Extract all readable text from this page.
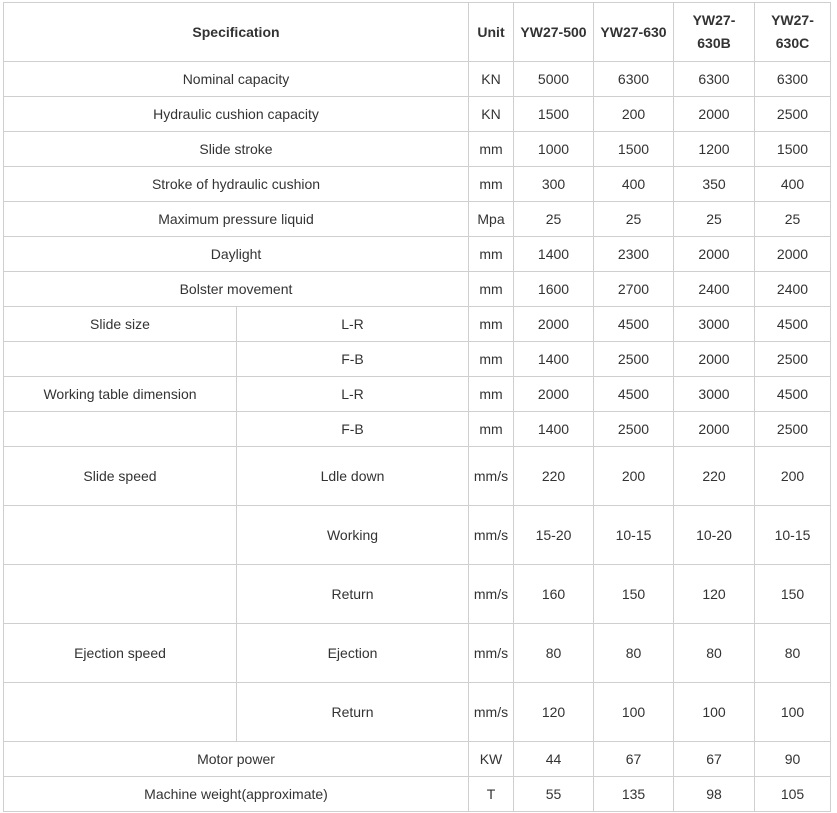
Specification		Unit	YW27-500	YW27-630	YW27-630B	YW27-630C
Nominal capacity		KN	5000	6300	6300	6300
Hydraulic cushion capacity		KN	1500	200	2000	2500
Slide stroke		mm	1000	1500	1200	1500
Stroke of hydraulic cushion		mm	300	400	350	400
Maximum pressure liquid		Mpa	25	25	25	25
Daylight		mm	1400	2300	2000	2000
Bolster movement		mm	1600	2700	2400	2400
Slide size	L-R	mm	2000	4500	3000	4500
	F-B	mm	1400	2500	2000	2500
Working table dimension	L-R	mm	2000	4500	3000	4500
	F-B	mm	1400	2500	2000	2500
Slide speed	Ldle down	mm/s	220	200	220	200
	Working	mm/s	15-20	10-15	10-20	10-15
	Return	mm/s	160	150	120	150
Ejection speed	Ejection	mm/s	80	80	80	80
	Return	mm/s	120	100	100	100
Motor power		KW	44	67	67	90
Machine weight(approximate)		T	55	135	98	105
